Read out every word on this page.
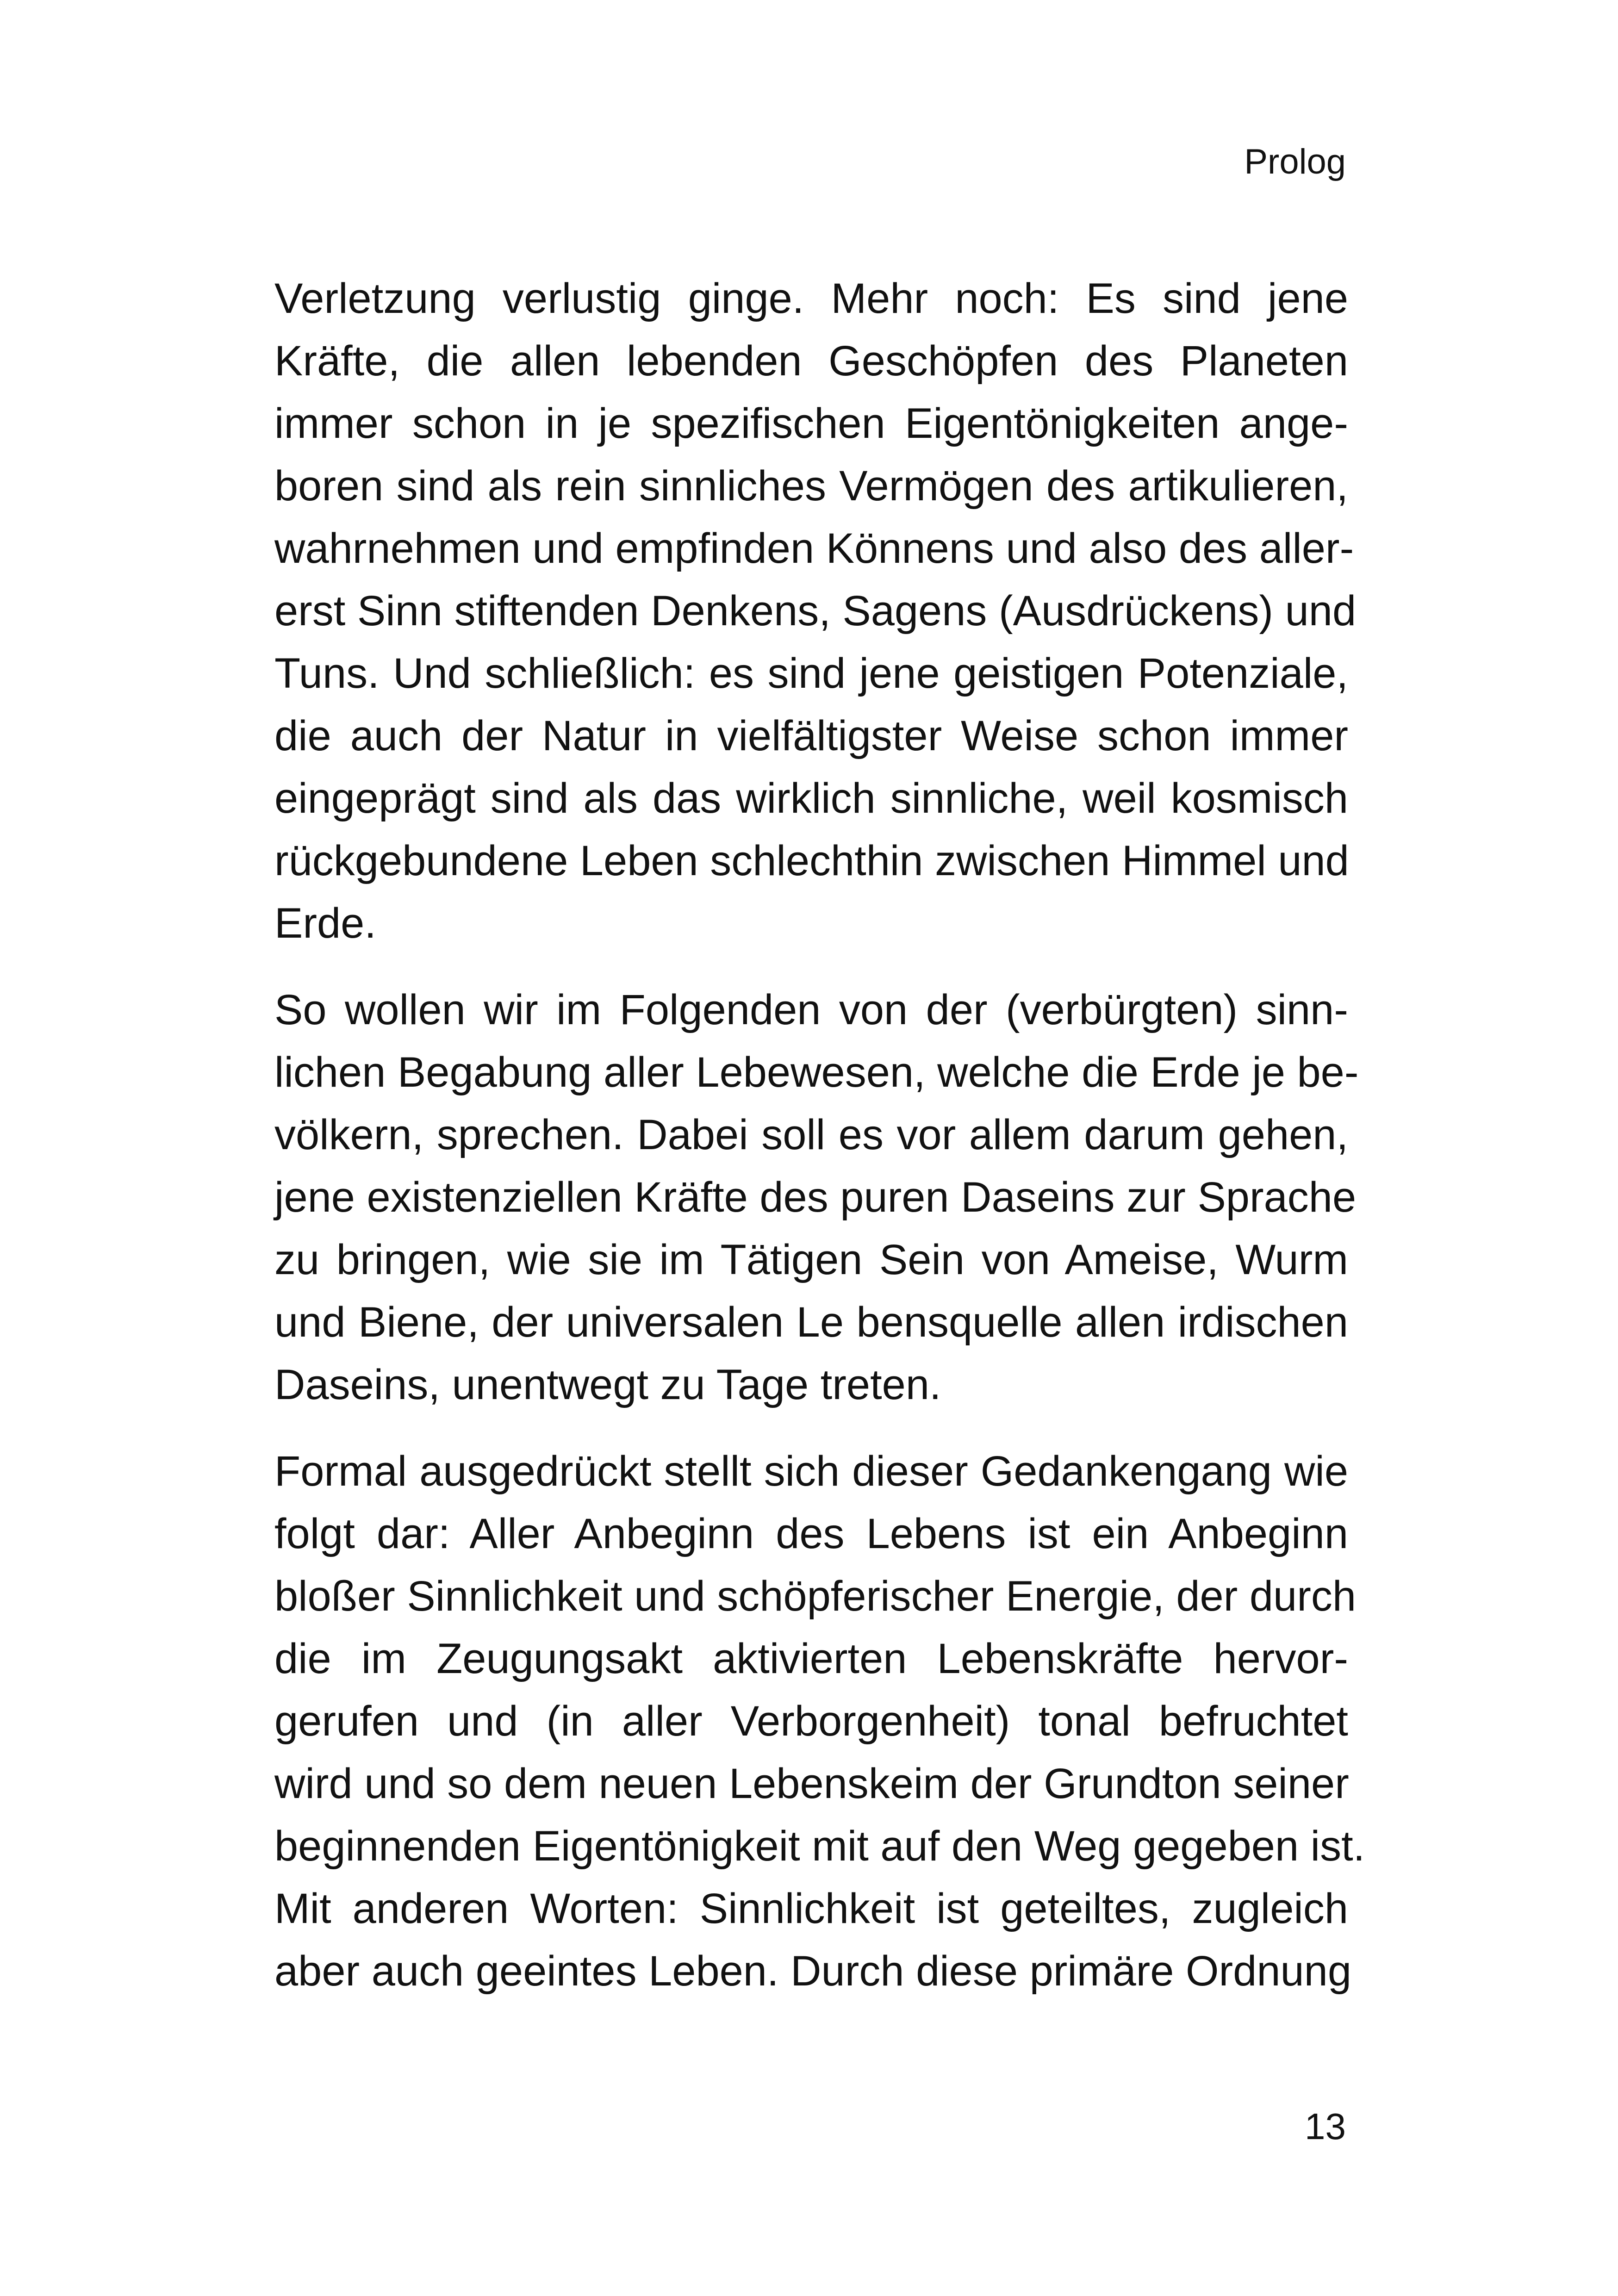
Prolog

Verletzung verlustig ginge. Mehr noch: Es sind jene
Kräfte, die allen lebenden Geschöpfen des Planeten
immer schon in je spezifischen Eigentönigkeiten ange-
boren sind als rein sinnliches Vermögen des artikulieren,
wahrnehmen und empfinden Könnens und also des aller-
erst Sinn stiftenden Denkens, Sagens (Ausdrückens) und
Tuns. Und schließlich: es sind jene geistigen Potenziale,
die auch der Natur in vielfältigster Weise schon immer
eingeprägt sind als das wirklich sinnliche, weil kosmisch
rückgebundene Leben schlechthin zwischen Himmel und
Erde.

So wollen wir im Folgenden von der (verbürgten) sinn-
lichen Begabung aller Lebewesen, welche die Erde je be-
völkern, sprechen. Dabei soll es vor allem darum gehen,
jene existenziellen Kräfte des puren Daseins zur Sprache
zu bringen, wie sie im Tätigen Sein von Ameise, Wurm
und Biene, der universalen Le bensquelle allen irdischen
Daseins, unentwegt zu Tage treten.

Formal ausgedrückt stellt sich dieser Gedankengang wie
folgt dar: Aller Anbeginn des Lebens ist ein Anbeginn
bloßer Sinnlichkeit und schöpferischer Energie, der durch
die im Zeugungsakt aktivierten Lebenskräfte hervor-
gerufen und (in aller Verborgenheit) tonal befruchtet
wird und so dem neuen Lebenskeim der Grundton seiner
beginnenden Eigentönigkeit mit auf den Weg gegeben ist.
Mit anderen Worten: Sinnlichkeit ist geteiltes, zugleich
aber auch geeintes Leben. Durch diese primäre Ordnung

13
